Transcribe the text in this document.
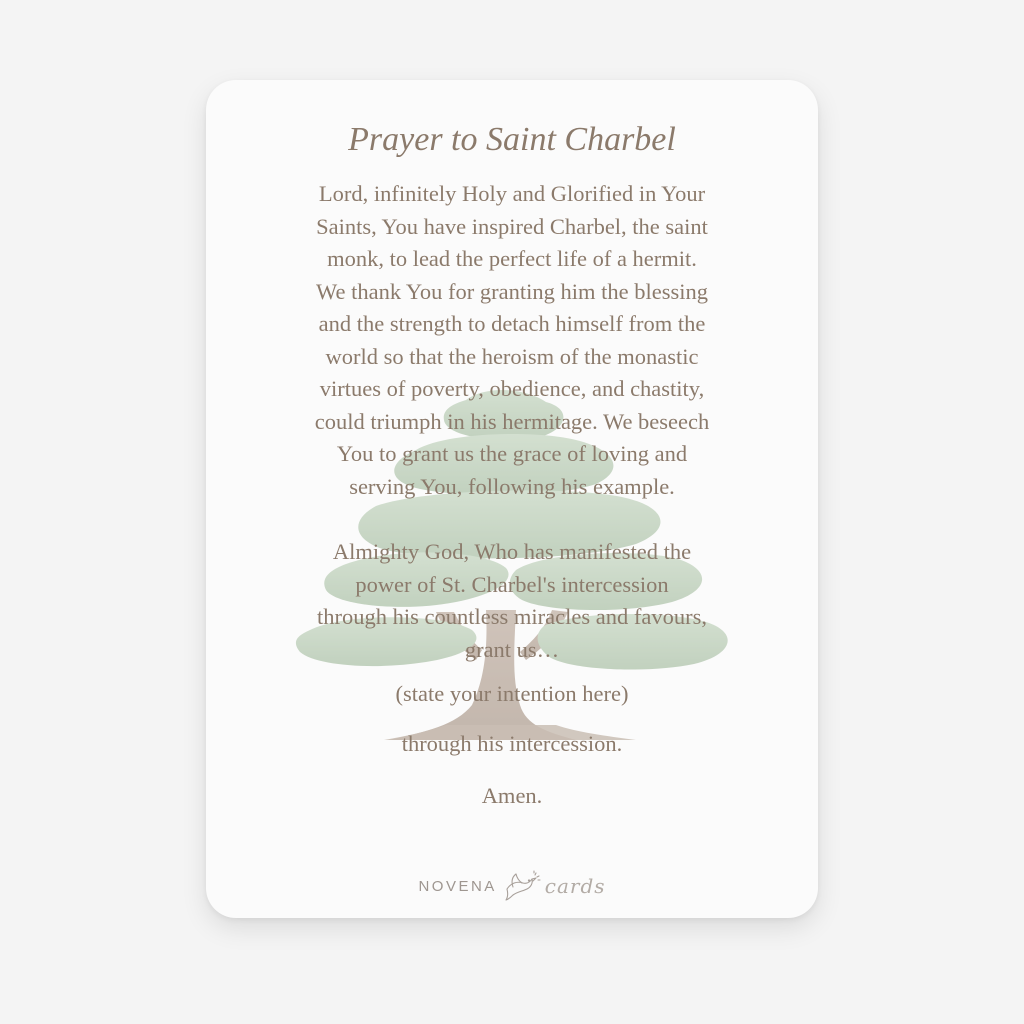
Prayer to Saint Charbel

Lord, infinitely Holy and Glorified in Your
Saints, You have inspired Charbel, the saint
monk, to lead the perfect life of a hermit.
We thank You for granting him the blessing
and the strength to detach himself from the
world so that the heroism of the monastic
virtues of poverty, obedience, and chastity,
could triumph in his hermitage. We beseech
You to grant us the grace of loving and
serving You, following his example.

Almighty God, Who has manifested the
power of St. Charbel's intercession
through his countless miracles and favours,
grant us…

(state your intention here)

through his intercession.

Amen.

NOVENA cards
